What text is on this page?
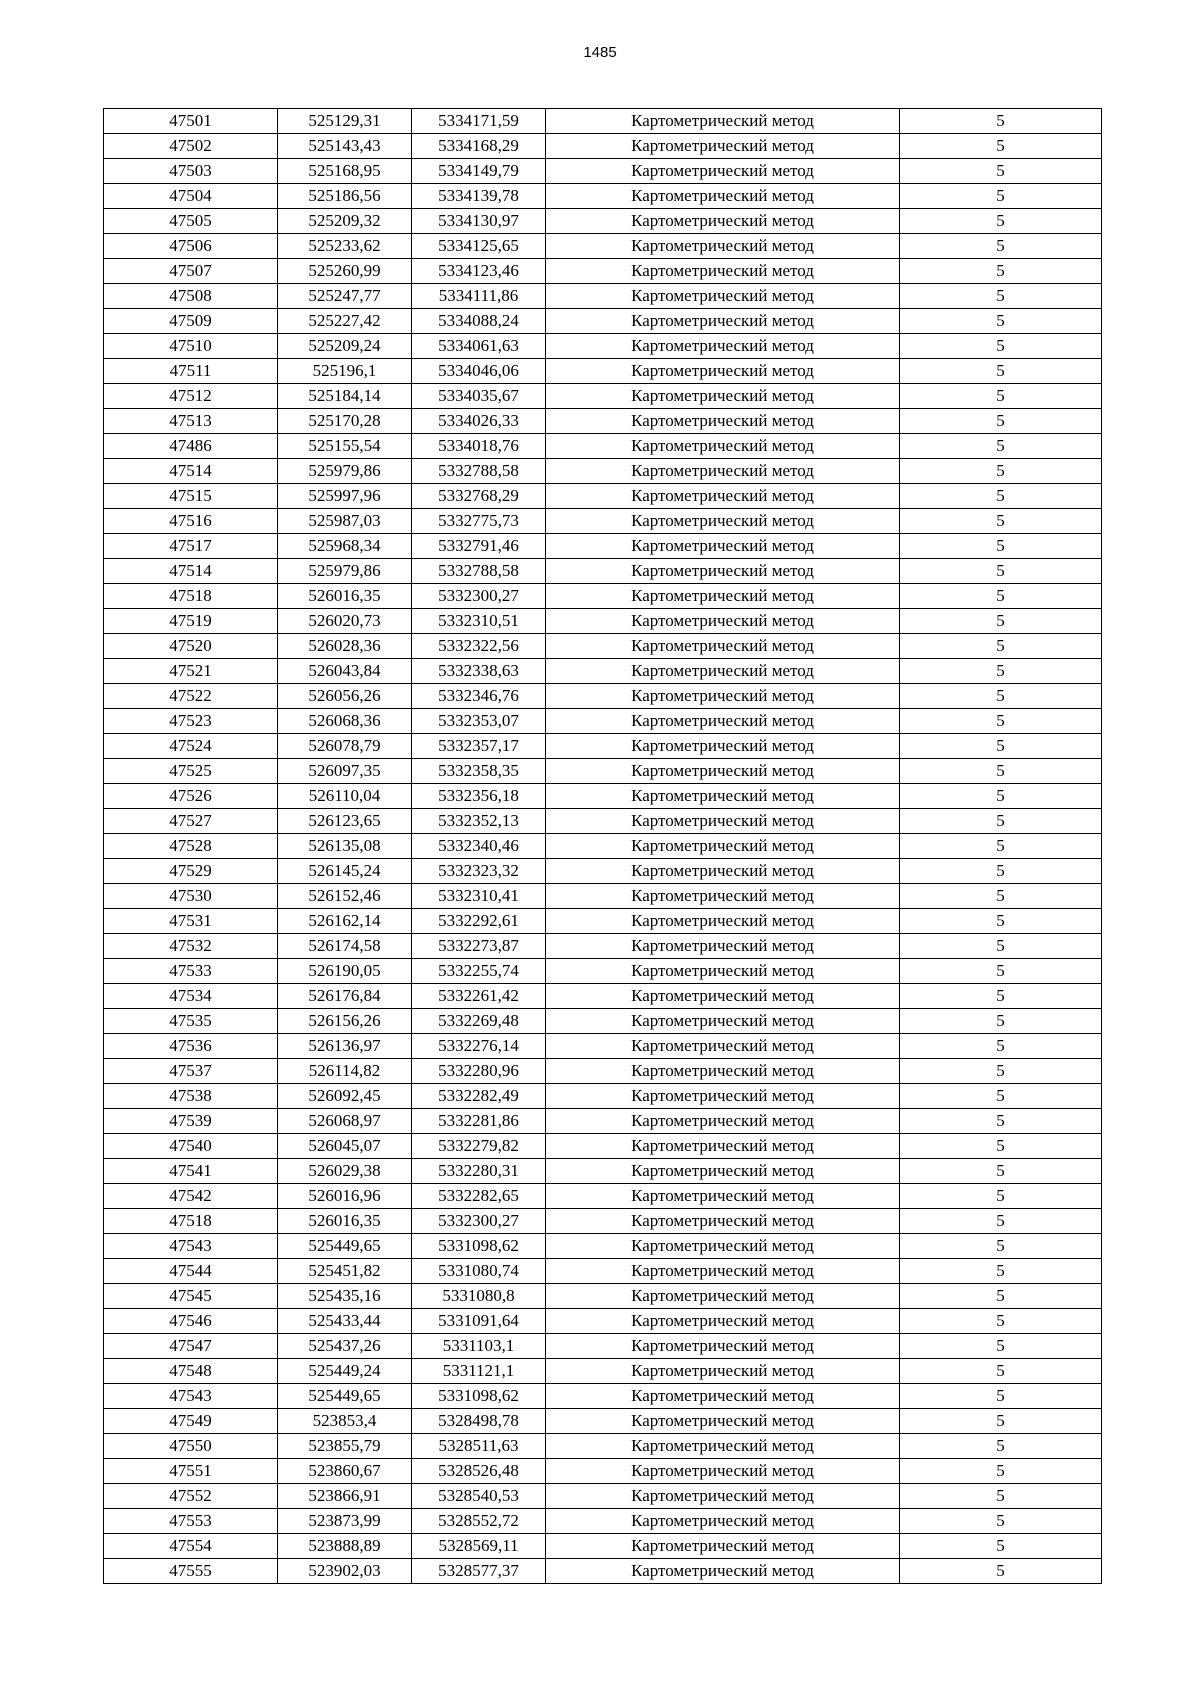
1485
47501	525129,31	5334171,59	Картометрический метод	5
47502	525143,43	5334168,29	Картометрический метод	5
47503	525168,95	5334149,79	Картометрический метод	5
47504	525186,56	5334139,78	Картометрический метод	5
47505	525209,32	5334130,97	Картометрический метод	5
47506	525233,62	5334125,65	Картометрический метод	5
47507	525260,99	5334123,46	Картометрический метод	5
47508	525247,77	5334111,86	Картометрический метод	5
47509	525227,42	5334088,24	Картометрический метод	5
47510	525209,24	5334061,63	Картометрический метод	5
47511	525196,1	5334046,06	Картометрический метод	5
47512	525184,14	5334035,67	Картометрический метод	5
47513	525170,28	5334026,33	Картометрический метод	5
47486	525155,54	5334018,76	Картометрический метод	5
47514	525979,86	5332788,58	Картометрический метод	5
47515	525997,96	5332768,29	Картометрический метод	5
47516	525987,03	5332775,73	Картометрический метод	5
47517	525968,34	5332791,46	Картометрический метод	5
47514	525979,86	5332788,58	Картометрический метод	5
47518	526016,35	5332300,27	Картометрический метод	5
47519	526020,73	5332310,51	Картометрический метод	5
47520	526028,36	5332322,56	Картометрический метод	5
47521	526043,84	5332338,63	Картометрический метод	5
47522	526056,26	5332346,76	Картометрический метод	5
47523	526068,36	5332353,07	Картометрический метод	5
47524	526078,79	5332357,17	Картометрический метод	5
47525	526097,35	5332358,35	Картометрический метод	5
47526	526110,04	5332356,18	Картометрический метод	5
47527	526123,65	5332352,13	Картометрический метод	5
47528	526135,08	5332340,46	Картометрический метод	5
47529	526145,24	5332323,32	Картометрический метод	5
47530	526152,46	5332310,41	Картометрический метод	5
47531	526162,14	5332292,61	Картометрический метод	5
47532	526174,58	5332273,87	Картометрический метод	5
47533	526190,05	5332255,74	Картометрический метод	5
47534	526176,84	5332261,42	Картометрический метод	5
47535	526156,26	5332269,48	Картометрический метод	5
47536	526136,97	5332276,14	Картометрический метод	5
47537	526114,82	5332280,96	Картометрический метод	5
47538	526092,45	5332282,49	Картометрический метод	5
47539	526068,97	5332281,86	Картометрический метод	5
47540	526045,07	5332279,82	Картометрический метод	5
47541	526029,38	5332280,31	Картометрический метод	5
47542	526016,96	5332282,65	Картометрический метод	5
47518	526016,35	5332300,27	Картометрический метод	5
47543	525449,65	5331098,62	Картометрический метод	5
47544	525451,82	5331080,74	Картометрический метод	5
47545	525435,16	5331080,8	Картометрический метод	5
47546	525433,44	5331091,64	Картометрический метод	5
47547	525437,26	5331103,1	Картометрический метод	5
47548	525449,24	5331121,1	Картометрический метод	5
47543	525449,65	5331098,62	Картометрический метод	5
47549	523853,4	5328498,78	Картометрический метод	5
47550	523855,79	5328511,63	Картометрический метод	5
47551	523860,67	5328526,48	Картометрический метод	5
47552	523866,91	5328540,53	Картометрический метод	5
47553	523873,99	5328552,72	Картометрический метод	5
47554	523888,89	5328569,11	Картометрический метод	5
47555	523902,03	5328577,37	Картометрический метод	5
